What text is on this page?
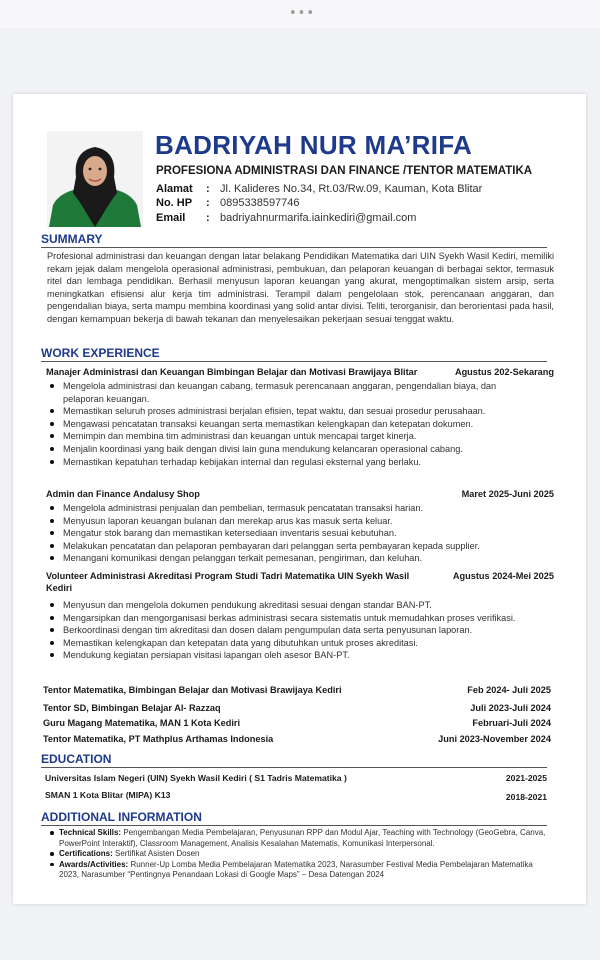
•••
BADRIYAH NUR MA’RIFA
PROFESIONA ADMINISTRASI DAN FINANCE /TENTOR MATEMATIKA
Alamat : Jl. Kalideres No.34, Rt.03/Rw.09, Kauman, Kota Blitar
No. HP : 0895338597746
Email : badriyahnurmarifa.iainkediri@gmail.com
SUMMARY
Profesional administrasi dan keuangan dengan latar belakang Pendidikan Matematika dari UIN Syekh Wasil Kediri, memiliki rekam jejak dalam mengelola operasional administrasi, pembukuan, dan pelaporan keuangan di berbagai sektor, termasuk ritel dan lembaga pendidikan. Berhasil menyusun laporan keuangan yang akurat, mengoptimalkan sistem arsip, serta meningkatkan efisiensi alur kerja tim administrasi. Terampil dalam pengelolaan stok, perencanaan anggaran, dan pengendalian biaya, serta mampu membina koordinasi yang solid antar divisi. Teliti, terorganisir, dan berorientasi pada hasil, dengan kemampuan bekerja di bawah tekanan dan menyelesaikan pekerjaan sesuai tenggat waktu.
WORK EXPERIENCE
Manajer Administrasi dan Keuangan Bimbingan Belajar dan Motivasi Brawijaya Blitar	Agustus 202-Sekarang
Mengelola administrasi dan keuangan cabang, termasuk perencanaan anggaran, pengendalian biaya, dan pelaporan keuangan.
Memastikan seluruh proses administrasi berjalan efisien, tepat waktu, dan sesuai prosedur perusahaan.
Mengawasi pencatatan transaksi keuangan serta memastikan kelengkapan dan ketepatan dokumen.
Memimpin dan membina tim administrasi dan keuangan untuk mencapai target kinerja.
Menjalin koordinasi yang baik dengan divisi lain guna mendukung kelancaran operasional cabang.
Memastikan kepatuhan terhadap kebijakan internal dan regulasi eksternal yang berlaku.
Admin dan Finance Andalusy Shop	Maret 2025-Juni 2025
Mengelola administrasi penjualan dan pembelian, termasuk pencatatan transaksi harian.
Menyusun laporan keuangan bulanan dan merekap arus kas masuk serta keluar.
Mengatur stok barang dan memastikan ketersediaan inventaris sesuai kebutuhan.
Melakukan pencatatan dan pelaporan pembayaran dari pelanggan serta pembayaran kepada supplier.
Menangani komunikasi dengan pelanggan terkait pemesanan, pengiriman, dan keluhan.
Volunteer Administrasi Akreditasi Program Studi Tadri Matematika UIN Syekh Wasil Kediri
Agustus 2024-Mei 2025
Menyusun dan mengelola dokumen pendukung akreditasi sesuai dengan standar BAN-PT.
Mengarsipkan dan mengorganisasi berkas administrasi secara sistematis untuk memudahkan proses verifikasi.
Berkoordinasi dengan tim akreditasi dan dosen dalam pengumpulan data serta penyusunan laporan.
Memastikan kelengkapan dan ketepatan data yang dibutuhkan untuk proses akreditasi.
Mendukung kegiatan persiapan visitasi lapangan oleh asesor BAN-PT.
Tentor Matematika, Bimbingan Belajar dan Motivasi Brawijaya Kediri	Feb 2024- Juli 2025
Tentor SD, Bimbingan Belajar Al- Razzaq	Juli 2023-Juli 2024
Guru Magang Matematika, MAN 1 Kota Kediri	Februari-Juli 2024
Tentor Matematika, PT Mathplus Arthamas Indonesia	Juni 2023-November 2024
EDUCATION
Universitas Islam Negeri (UIN) Syekh Wasil Kediri ( S1 Tadris Matematika )	2021-2025
SMAN 1 Kota Blitar (MIPA) K13	2018-2021
ADDITIONAL INFORMATION
Technical Skills: Pengembangan Media Pembelajaran, Penyusunan RPP dan Modul Ajar, Teaching with Technology (GeoGebra, Canva, PowerPoint Interaktif), Classroom Management, Analisis Kesalahan Matematis, Komunikasi Interpersonal.
Certifications: Sertifikat Asisten Dosen
Awards/Activities: Runner-Up Lomba Media Pembelajaran Matematika 2023, Narasumber Festival Media Pembelajaran Matematika 2023, Narasumber “Pentingnya Penandaan Lokasi di Google Maps” – Desa Datengan 2024
